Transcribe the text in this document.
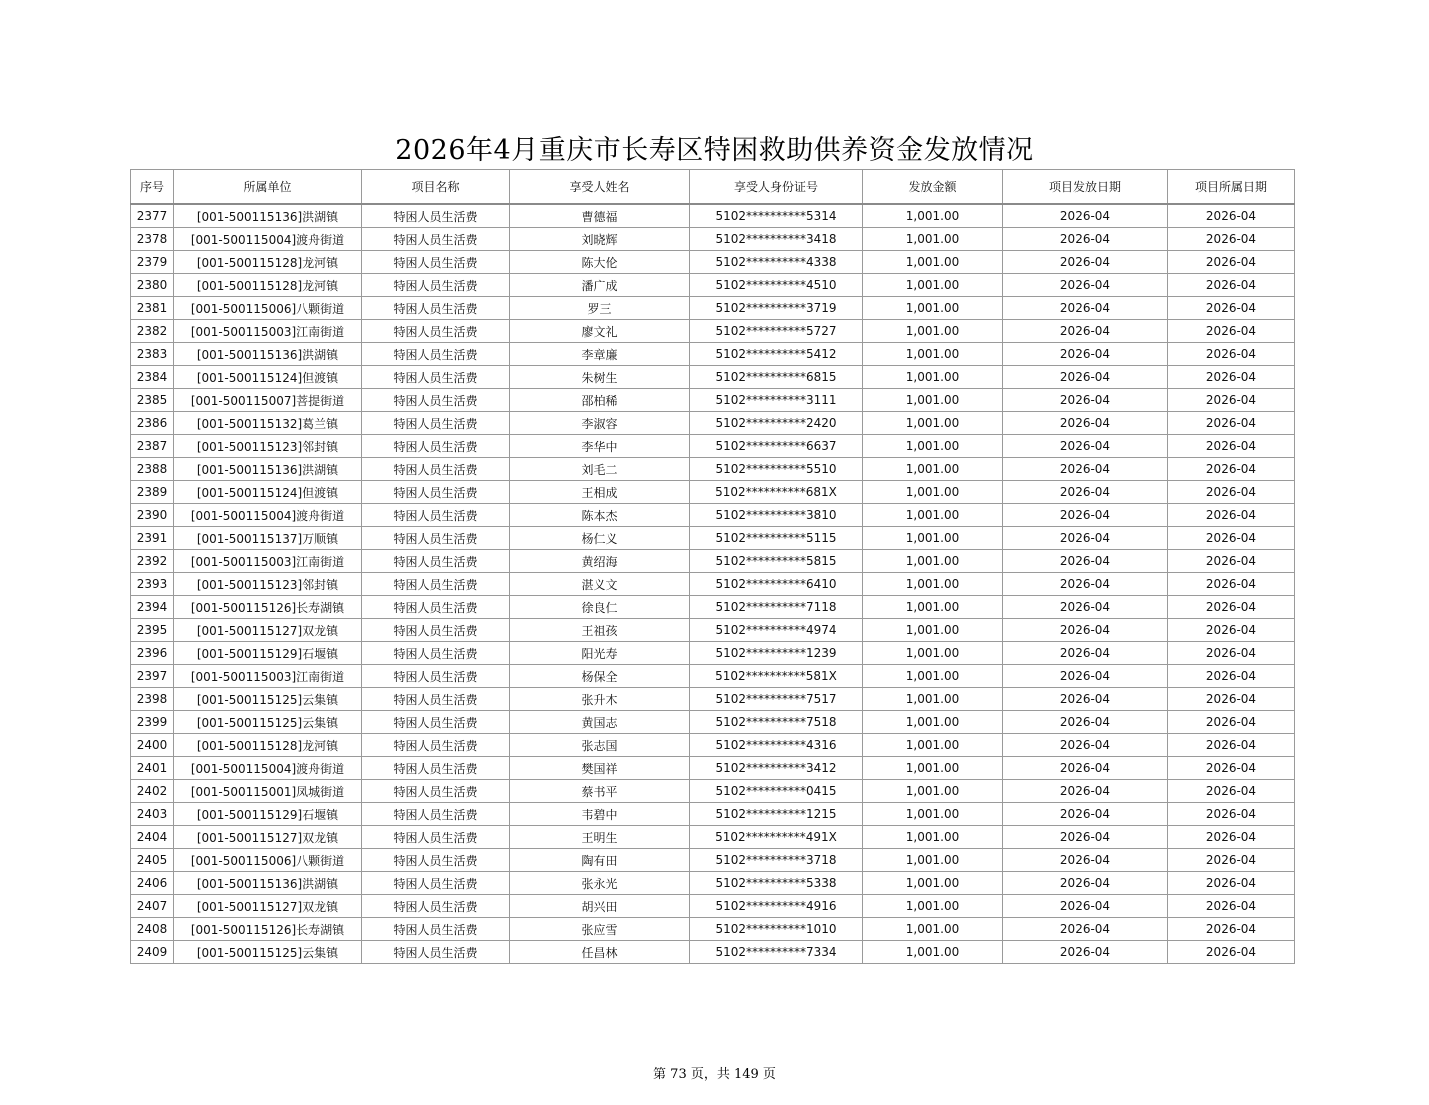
2026年4月重庆市长寿区特困救助供养资金发放情况
序号	所属单位	项目名称	享受人姓名	享受人身份证号	发放金额	项目发放日期	项目所属日期
2377	[001-500115136]洪湖镇	特困人员生活费	曹德福	5102**********5314	1,001.00	2026-04	2026-04
2378	[001-500115004]渡舟街道	特困人员生活费	刘晓辉	5102**********3418	1,001.00	2026-04	2026-04
2379	[001-500115128]龙河镇	特困人员生活费	陈大伦	5102**********4338	1,001.00	2026-04	2026-04
2380	[001-500115128]龙河镇	特困人员生活费	潘广成	5102**********4510	1,001.00	2026-04	2026-04
2381	[001-500115006]八颗街道	特困人员生活费	罗三	5102**********3719	1,001.00	2026-04	2026-04
2382	[001-500115003]江南街道	特困人员生活费	廖文礼	5102**********5727	1,001.00	2026-04	2026-04
2383	[001-500115136]洪湖镇	特困人员生活费	李章廉	5102**********5412	1,001.00	2026-04	2026-04
2384	[001-500115124]但渡镇	特困人员生活费	朱树生	5102**********6815	1,001.00	2026-04	2026-04
2385	[001-500115007]菩提街道	特困人员生活费	邵柏稀	5102**********3111	1,001.00	2026-04	2026-04
2386	[001-500115132]葛兰镇	特困人员生活费	李淑容	5102**********2420	1,001.00	2026-04	2026-04
2387	[001-500115123]邻封镇	特困人员生活费	李华中	5102**********6637	1,001.00	2026-04	2026-04
2388	[001-500115136]洪湖镇	特困人员生活费	刘毛二	5102**********5510	1,001.00	2026-04	2026-04
2389	[001-500115124]但渡镇	特困人员生活费	王相成	5102**********681X	1,001.00	2026-04	2026-04
2390	[001-500115004]渡舟街道	特困人员生活费	陈本杰	5102**********3810	1,001.00	2026-04	2026-04
2391	[001-500115137]万顺镇	特困人员生活费	杨仁义	5102**********5115	1,001.00	2026-04	2026-04
2392	[001-500115003]江南街道	特困人员生活费	黄绍海	5102**********5815	1,001.00	2026-04	2026-04
2393	[001-500115123]邻封镇	特困人员生活费	湛义文	5102**********6410	1,001.00	2026-04	2026-04
2394	[001-500115126]长寿湖镇	特困人员生活费	徐良仁	5102**********7118	1,001.00	2026-04	2026-04
2395	[001-500115127]双龙镇	特困人员生活费	王祖孩	5102**********4974	1,001.00	2026-04	2026-04
2396	[001-500115129]石堰镇	特困人员生活费	阳光寿	5102**********1239	1,001.00	2026-04	2026-04
2397	[001-500115003]江南街道	特困人员生活费	杨保全	5102**********581X	1,001.00	2026-04	2026-04
2398	[001-500115125]云集镇	特困人员生活费	张升木	5102**********7517	1,001.00	2026-04	2026-04
2399	[001-500115125]云集镇	特困人员生活费	黄国志	5102**********7518	1,001.00	2026-04	2026-04
2400	[001-500115128]龙河镇	特困人员生活费	张志国	5102**********4316	1,001.00	2026-04	2026-04
2401	[001-500115004]渡舟街道	特困人员生活费	樊国祥	5102**********3412	1,001.00	2026-04	2026-04
2402	[001-500115001]凤城街道	特困人员生活费	蔡书平	5102**********0415	1,001.00	2026-04	2026-04
2403	[001-500115129]石堰镇	特困人员生活费	韦碧中	5102**********1215	1,001.00	2026-04	2026-04
2404	[001-500115127]双龙镇	特困人员生活费	王明生	5102**********491X	1,001.00	2026-04	2026-04
2405	[001-500115006]八颗街道	特困人员生活费	陶有田	5102**********3718	1,001.00	2026-04	2026-04
2406	[001-500115136]洪湖镇	特困人员生活费	张永光	5102**********5338	1,001.00	2026-04	2026-04
2407	[001-500115127]双龙镇	特困人员生活费	胡兴田	5102**********4916	1,001.00	2026-04	2026-04
2408	[001-500115126]长寿湖镇	特困人员生活费	张应雪	5102**********1010	1,001.00	2026-04	2026-04
2409	[001-500115125]云集镇	特困人员生活费	任昌林	5102**********7334	1,001.00	2026-04	2026-04
第 73 页，共 149 页
